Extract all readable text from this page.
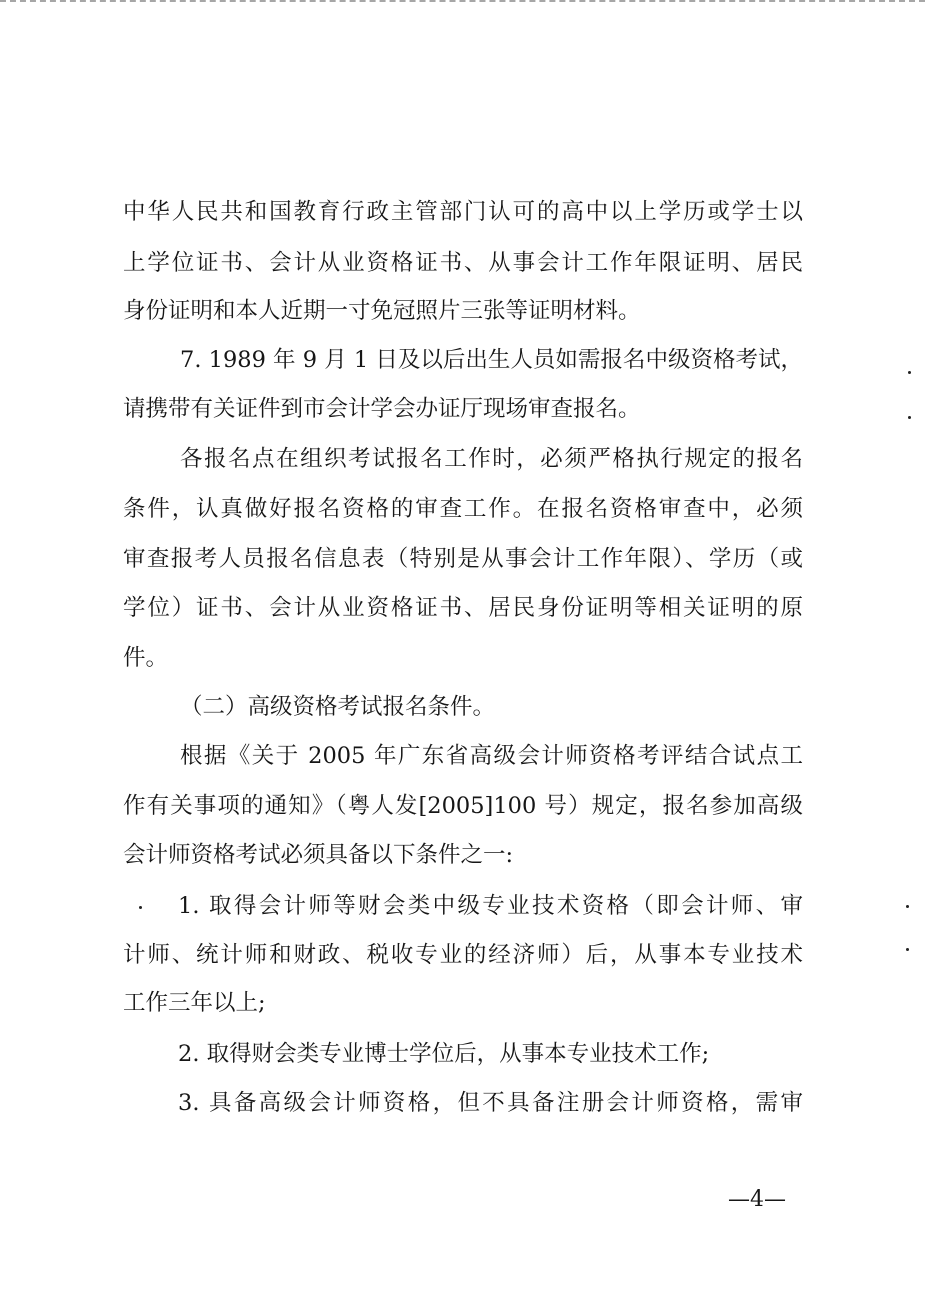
中华人民共和国教育行政主管部门认可的高中以上学历或学士以
上学位证书、会计从业资格证书、从事会计工作年限证明、居民
身份证明和本人近期一寸免冠照片三张等证明材料。
7. 1989 年 9 月 1 日及以后出生人员如需报名中级资格考试，
请携带有关证件到市会计学会办证厅现场审查报名。
各报名点在组织考试报名工作时，必须严格执行规定的报名
条件，认真做好报名资格的审查工作。在报名资格审查中，必须
审查报考人员报名信息表（特别是从事会计工作年限）、学历（或
学位）证书、会计从业资格证书、居民身份证明等相关证明的原
件。
（二）高级资格考试报名条件。
根据《关于 2005 年广东省高级会计师资格考评结合试点工
作有关事项的通知》（粤人发[2005]100 号）规定，报名参加高级
会计师资格考试必须具备以下条件之一:
1. 取得会计师等财会类中级专业技术资格（即会计师、审
计师、统计师和财政、税收专业的经济师）后，从事本专业技术
工作三年以上;
2. 取得财会类专业博士学位后，从事本专业技术工作;
3. 具备高级会计师资格，但不具备注册会计师资格，需审
—4—
